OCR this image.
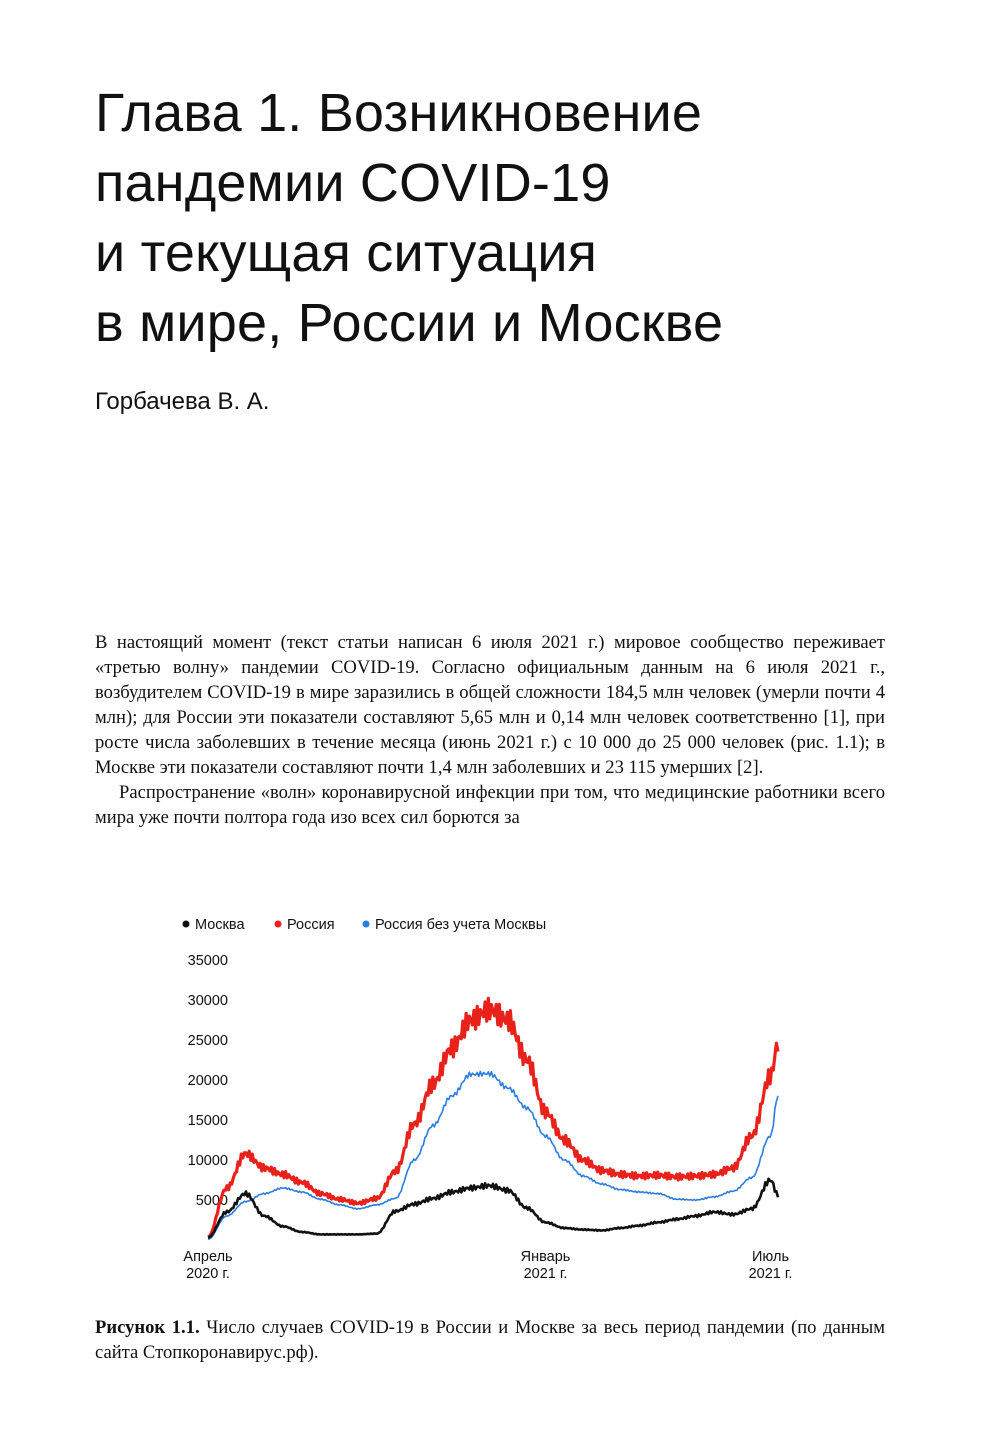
Глава 1. Возникновение
пандемии COVID-19
и текущая ситуация
в мире, России и Москве
Горбачева В. А.

В настоящий момент (текст статьи написан 6 июля 2021 г.) мировое сообщество переживает «третью волну» пандемии COVID-19. Согласно официальным данным на 6 июля 2021 г., возбудителем COVID-19 в мире заразились в общей сложности 184,5 млн человек (умерли почти 4 млн); для России эти показатели составляют 5,65 млн и 0,14 млн человек соответственно [1], при росте числа заболевших в течение месяца (июнь 2021 г.) с 10 000 до 25 000 человек (рис. 1.1); в Москве эти показатели составляют почти 1,4 млн заболевших и 23 115 умерших [2].

Распространение «волн» коронавирусной инфекции при том, что медицинские работники всего мира уже почти полтора года изо всех сил борются за

Москва	Россия	Россия без учета Москвы
35000
30000
25000
20000
15000
10000
5000
Апрель
2020 г.
Январь
2021 г.
Июль
2021 г.
Рисунок 1.1. Число случаев COVID-19 в России и Москве за весь период пандемии (по данным сайта Стопкоронавирус.рф).
